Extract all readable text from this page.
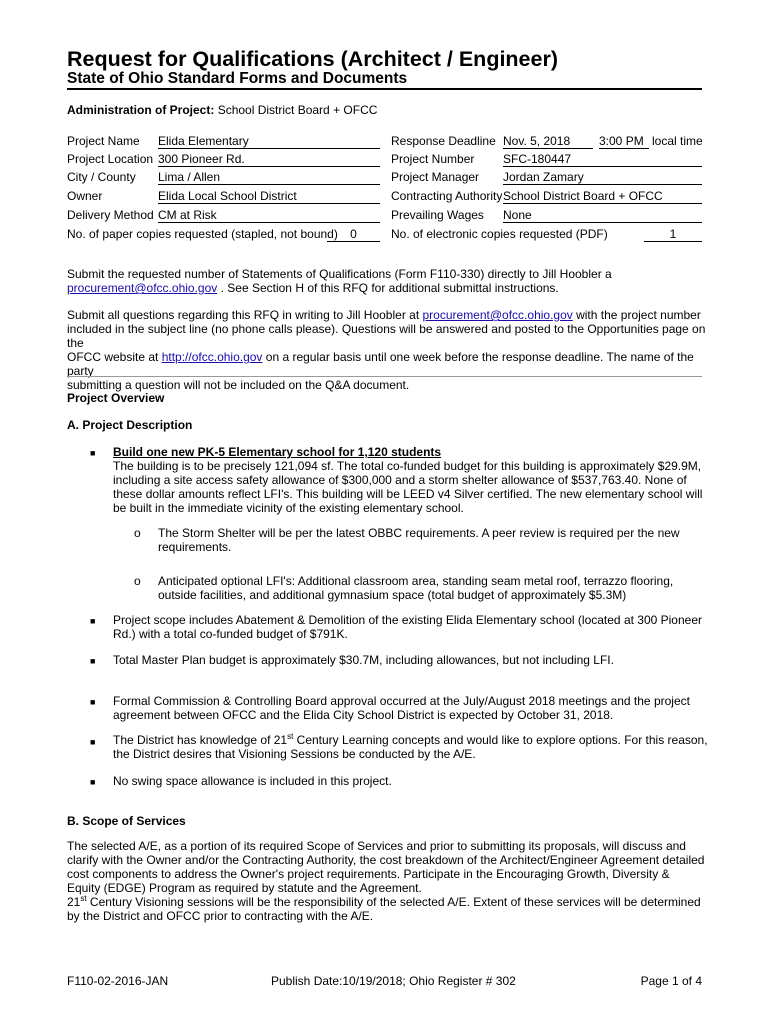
Request for Qualifications (Architect / Engineer)
State of Ohio Standard Forms and Documents
Administration of Project: School District Board + OFCC
Project Name Elida Elementary
Project Location 300 Pioneer Rd.
City / County Lima / Allen
Owner	Elida Local School District
Delivery Method CM at Risk
No. of paper copies requested (stapled, not bound)	0
Response Deadline Nov. 5, 2018	3:00 PM local time
Project Number SFC-180447
Project Manager Jordan Zamary
Contracting Authority School District Board + OFCC
Prevailing Wages None
No. of electronic copies requested (PDF)	1

Submit the requested number of Statements of Qualifications (Form F110-330) directly to Jill Hoobler a

procurement@ofcc.ohio.gov . See Section H of this RFQ for additional submittal instructions.

Submit all questions regarding this RFQ in writing to Jill Hoobler at procurement@ofcc.ohio.gov with the project number

included in the subject line (no phone calls please). Questions will be answered and posted to the Opportunities page on the

OFCC website at http://ofcc.ohio.gov on a regular basis until one week before the response deadline. The name of the party

submitting a question will not be included on the Q&A document.

Project Overview
A. Project Description
■ Build one new PK-5 Elementary school for 1,120 students
The building is to be precisely 121,094 sf. The total co-funded budget for this building is approximately $29.9M, including a site access safety allowance of $300,000 and a storm shelter allowance of $537,763.40. None of these dollar amounts reflect LFI's. This building will be LEED v4 Silver certified. The new elementary school will be built in the immediate vicinity of the existing elementary school.
o The Storm Shelter will be per the latest OBBC requirements. A peer review is required per the new requirements.
o Anticipated optional LFI's: Additional classroom area, standing seam metal roof, terrazzo flooring, outside facilities, and additional gymnasium space (total budget of approximately $5.3M)
■ Project scope includes Abatement & Demolition of the existing Elida Elementary school (located at 300 Pioneer Rd.) with a total co-funded budget of $791K.
■ Total Master Plan budget is approximately $30.7M, including allowances, but not including LFI.
■ Formal Commission & Controlling Board approval occurred at the July/August 2018 meetings and the project agreement between OFCC and the Elida City School District is expected by October 31, 2018.
■ The District has knowledge of 21st Century Learning concepts and would like to explore options. For this reason, the District desires that Visioning Sessions be conducted by the A/E.
■ No swing space allowance is included in this project.
B. Scope of Services

The selected A/E, as a portion of its required Scope of Services and prior to submitting its proposals, will discuss and clarify with the Owner and/or the Contracting Authority, the cost breakdown of the Architect/Engineer Agreement detailed cost components to address the Owner's project requirements. Participate in the Encouraging Growth, Diversity & Equity (EDGE) Program as required by statute and the Agreement.

21st Century Visioning sessions will be the responsibility of the selected A/E. Extent of these services will be determined by the District and OFCC prior to contracting with the A/E.

F110-02-2016-JAN	Publish Date:10/19/2018; Ohio Register # 302	Page 1 of 4
